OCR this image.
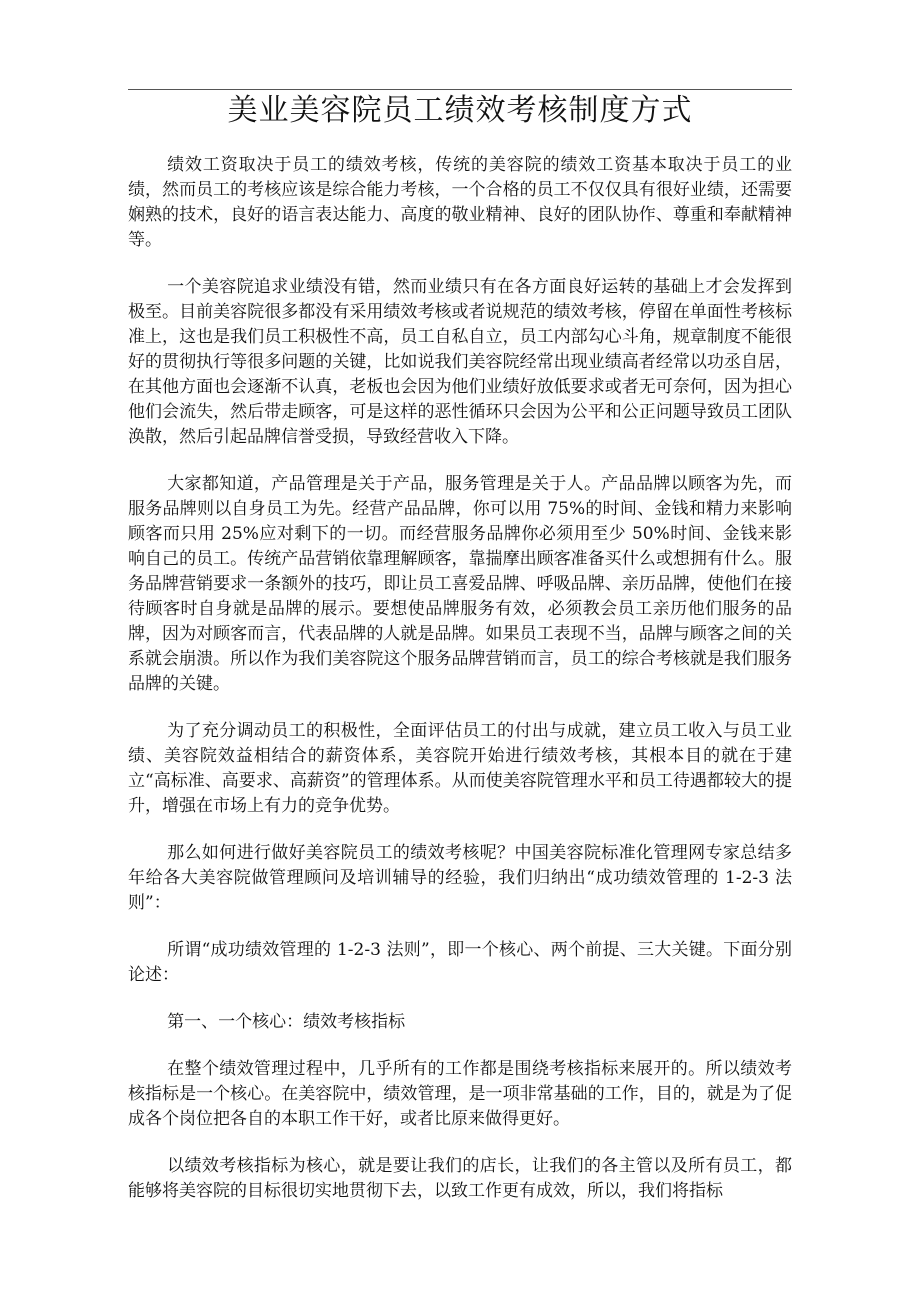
美业美容院员工绩效考核制度方式

绩效工资取决于员工的绩效考核，传统的美容院的绩效工资基本取决于员工的业绩，然而员工的考核应该是综合能力考核，一个合格的员工不仅仅具有很好业绩，还需要娴熟的技术，良好的语言表达能力、高度的敬业精神、良好的团队协作、尊重和奉献精神等。

一个美容院追求业绩没有错，然而业绩只有在各方面良好运转的基础上才会发挥到极至。目前美容院很多都没有采用绩效考核或者说规范的绩效考核，停留在单面性考核标准上，这也是我们员工积极性不高，员工自私自立，员工内部勾心斗角，规章制度不能很好的贯彻执行等很多问题的关键，比如说我们美容院经常出现业绩高者经常以功丞自居，在其他方面也会逐渐不认真，老板也会因为他们业绩好放低要求或者无可奈何，因为担心他们会流失，然后带走顾客，可是这样的恶性循环只会因为公平和公正问题导致员工团队涣散，然后引起品牌信誉受损，导致经营收入下降。

大家都知道，产品管理是关于产品，服务管理是关于人。产品品牌以顾客为先，而服务品牌则以自身员工为先。经营产品品牌，你可以用 75%的时间、金钱和精力来影响顾客而只用 25%应对剩下的一切。而经营服务品牌你必须用至少 50%时间、金钱来影响自己的员工。传统产品营销依靠理解顾客，靠揣摩出顾客准备买什么或想拥有什么。服务品牌营销要求一条额外的技巧，即让员工喜爱品牌、呼吸品牌、亲历品牌，使他们在接待顾客时自身就是品牌的展示。要想使品牌服务有效，必须教会员工亲历他们服务的品牌，因为对顾客而言，代表品牌的人就是品牌。如果员工表现不当，品牌与顾客之间的关系就会崩溃。所以作为我们美容院这个服务品牌营销而言，员工的综合考核就是我们服务品牌的关键。

为了充分调动员工的积极性，全面评估员工的付出与成就，建立员工收入与员工业绩、美容院效益相结合的薪资体系，美容院开始进行绩效考核，其根本目的就在于建立“高标准、高要求、高薪资”的管理体系。从而使美容院管理水平和员工待遇都较大的提升，增强在市场上有力的竞争优势。

那么如何进行做好美容院员工的绩效考核呢？中国美容院标准化管理网专家总结多年给各大美容院做管理顾问及培训辅导的经验，我们归纳出“成功绩效管理的 1-2-3 法则”：

所谓“成功绩效管理的 1-2-3 法则”，即一个核心、两个前提、三大关键。下面分别论述：

第一、一个核心：绩效考核指标

在整个绩效管理过程中，几乎所有的工作都是围绕考核指标来展开的。所以绩效考核指标是一个核心。在美容院中，绩效管理，是一项非常基础的工作，目的，就是为了促成各个岗位把各自的本职工作干好，或者比原来做得更好。

以绩效考核指标为核心，就是要让我们的店长，让我们的各主管以及所有员工，都能够将美容院的目标很切实地贯彻下去，以致工作更有成效，所以，我们将指标
